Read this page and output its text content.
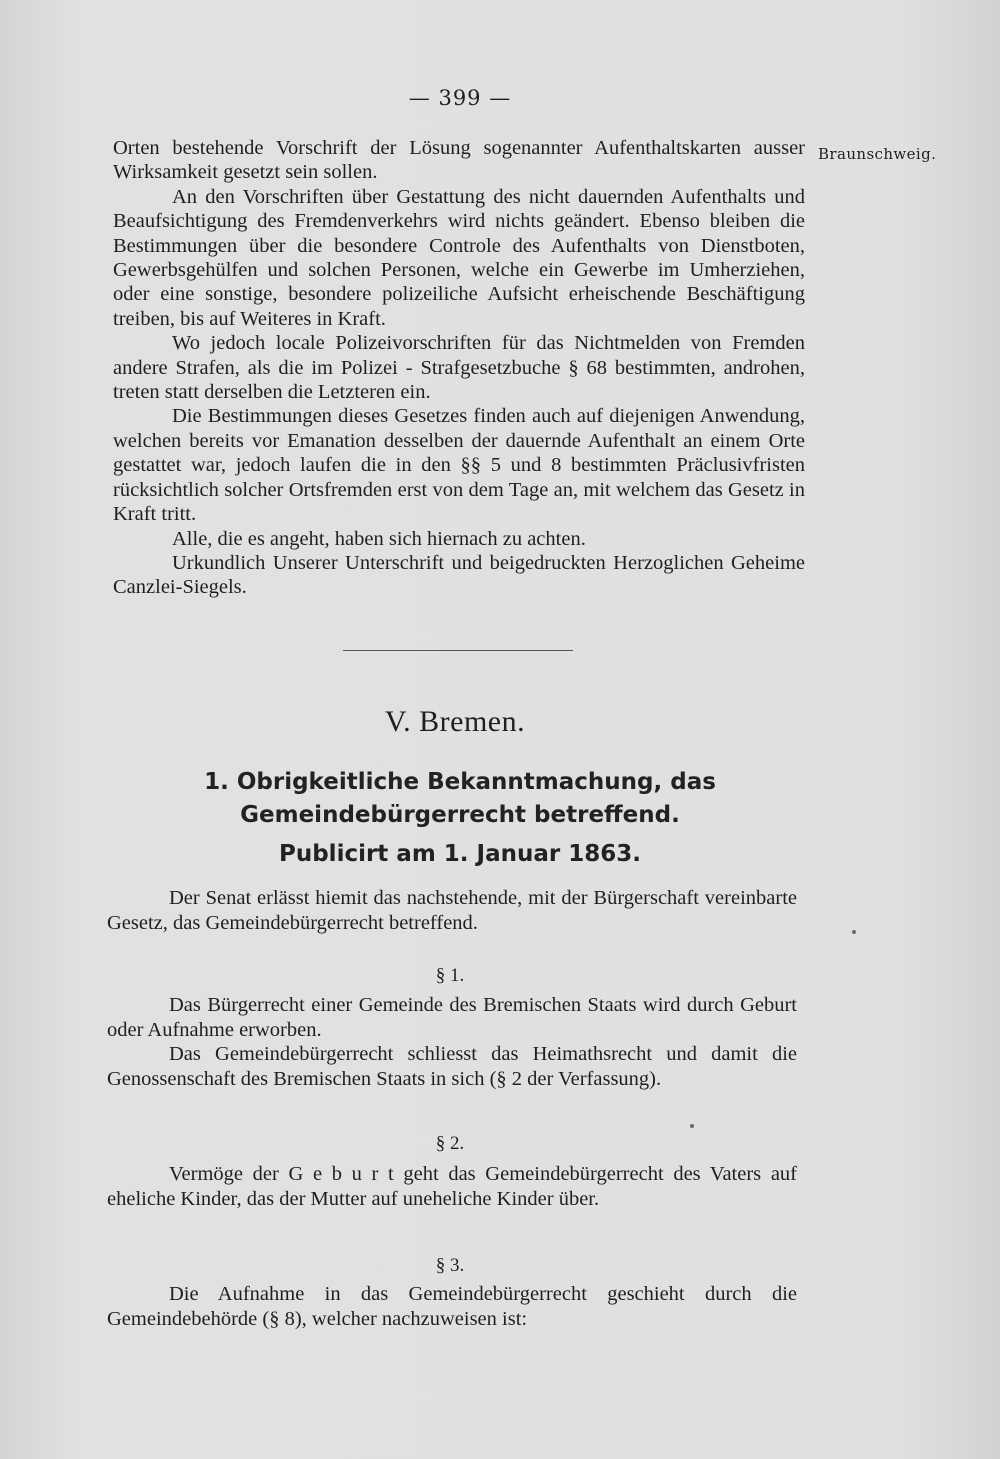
— 399 —
Braunschweig.

Orten bestehende Vorschrift der Lösung sogenannter Aufenthaltskarten ausser Wirksamkeit gesetzt sein sollen.

An den Vorschriften über Gestattung des nicht dauernden Aufenthalts und Beaufsichtigung des Fremdenverkehrs wird nichts geändert. Ebenso bleiben die Bestimmungen über die besondere Controle des Aufenthalts von Dienstboten, Gewerbsgehülfen und solchen Personen, welche ein Gewerbe im Umherziehen, oder eine sonstige, besondere polizeiliche Aufsicht erheischende Beschäftigung treiben, bis auf Weiteres in Kraft.

Wo jedoch locale Polizeivorschriften für das Nichtmelden von Fremden andere Strafen, als die im Polizei - Strafgesetzbuche § 68 bestimmten, androhen, treten statt derselben die Letzteren ein.

Die Bestimmungen dieses Gesetzes finden auch auf diejenigen Anwendung, welchen bereits vor Emanation desselben der dauernde Aufenthalt an einem Orte gestattet war, jedoch laufen die in den §§ 5 und 8 bestimmten Präclusivfristen rücksichtlich solcher Ortsfremden erst von dem Tage an, mit welchem das Gesetz in Kraft tritt.

Alle, die es angeht, haben sich hiernach zu achten.

Urkundlich Unserer Unterschrift und beigedruckten Herzoglichen Geheime Canzlei-Siegels.

V. Bremen.
1. Obrigkeitliche Bekanntmachung, das Gemeindebürgerrecht betreffend.
Publicirt am 1. Januar 1863.

Der Senat erlässt hiemit das nachstehende, mit der Bürgerschaft vereinbarte Gesetz, das Gemeindebürgerrecht betreffend.

§ 1.

Das Bürgerrecht einer Gemeinde des Bremischen Staats wird durch Geburt oder Aufnahme erworben.

Das Gemeindebürgerrecht schliesst das Heimathsrecht und damit die Genossenschaft des Bremischen Staats in sich (§ 2 der Verfassung).

§ 2.

Vermöge der G e b u r t geht das Gemeindebürgerrecht des Vaters auf eheliche Kinder, das der Mutter auf uneheliche Kinder über.

§ 3.

Die Aufnahme in das Gemeindebürgerrecht geschieht durch die Gemeindebehörde (§ 8), welcher nachzuweisen ist:
